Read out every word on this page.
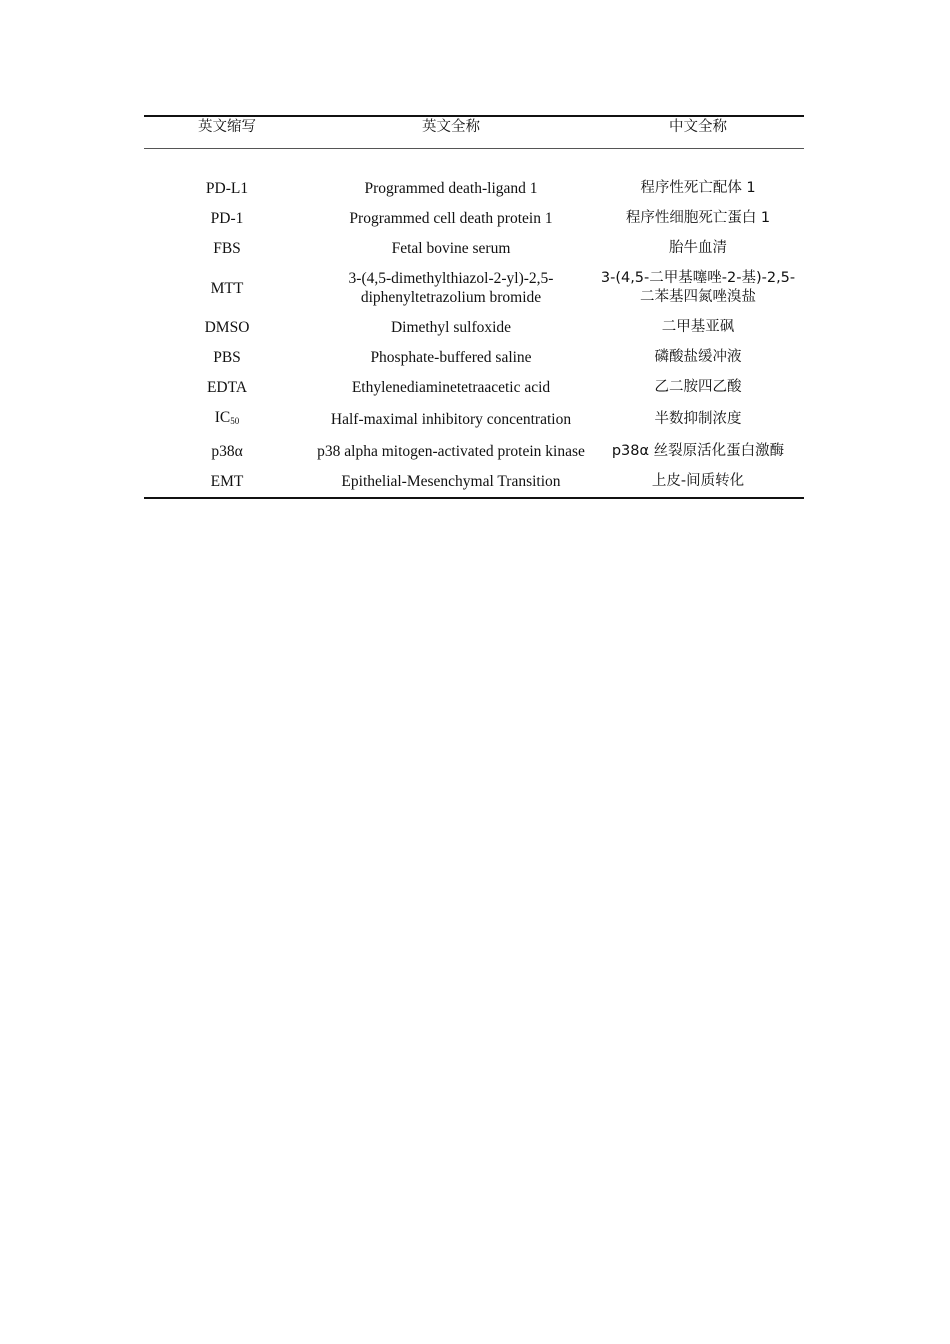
英文缩写	英文全称	中文全称

PD-L1	Programmed death-ligand 1	程序性死亡配体 1
PD-1	Programmed cell death protein 1	程序性细胞死亡蛋白 1
FBS	Fetal bovine serum	胎牛血清
MTT	3-(4,5-dimethylthiazol-2-yl)-2,5-diphenyltetrazolium bromide	3-(4,5-二甲基噻唑-2-基)-2,5-二苯基四氮唑溴盐
DMSO	Dimethyl sulfoxide	二甲基亚砜
PBS	Phosphate-buffered saline	磷酸盐缓冲液
EDTA	Ethylenediaminetetraacetic acid	乙二胺四乙酸
$IC_{50}$	Half-maximal inhibitory concentration	半数抑制浓度
p38α	p38 alpha mitogen-activated protein kinase	p38α 丝裂原活化蛋白激酶
EMT	Epithelial-Mesenchymal Transition	上皮-间质转化
